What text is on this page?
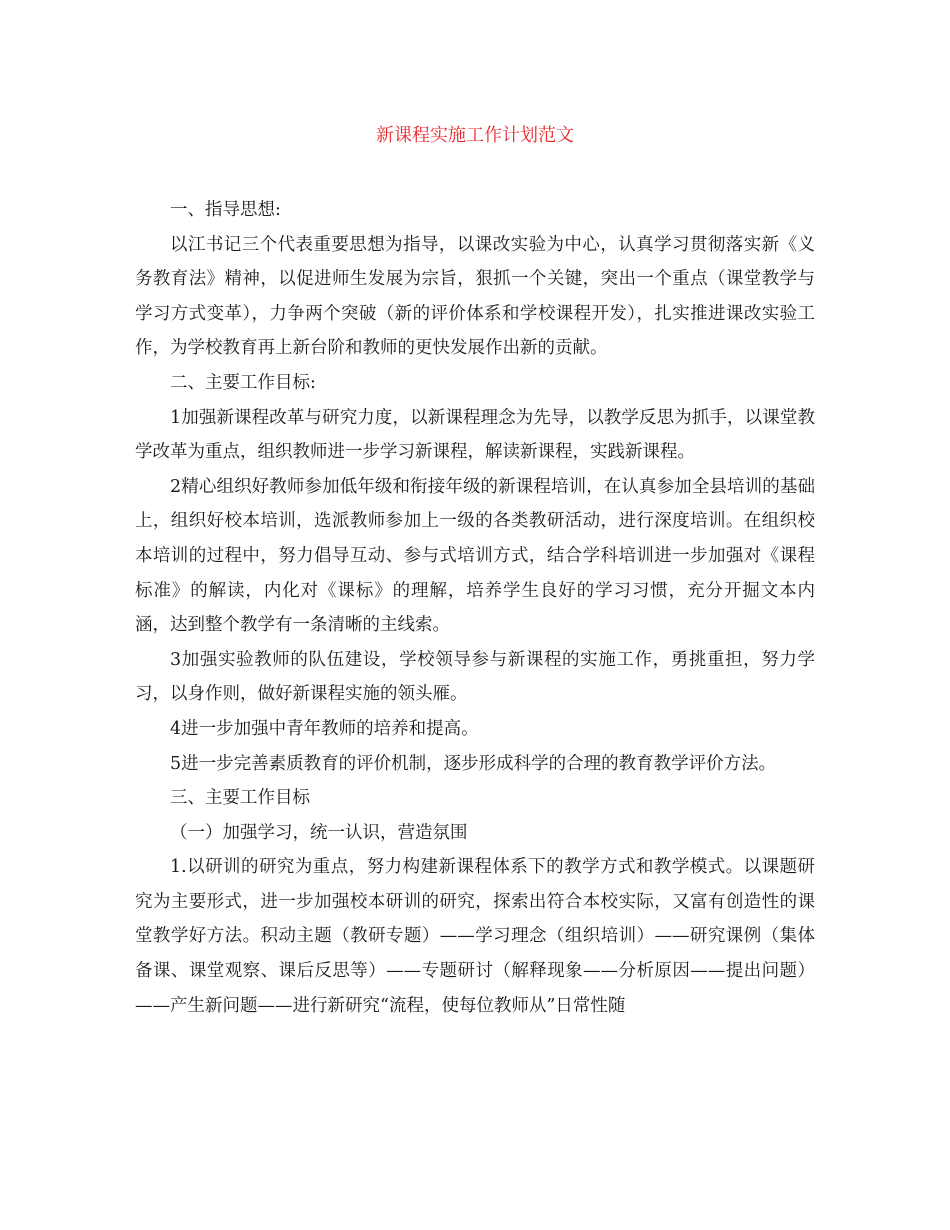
新课程实施工作计划范文

一、指导思想:

以江书记三个代表重要思想为指导，以课改实验为中心，认真学习贯彻落实新《义务教育法》精神，以促进师生发展为宗旨，狠抓一个关键，突出一个重点（课堂教学与学习方式变革），力争两个突破（新的评价体系和学校课程开发），扎实推进课改实验工作，为学校教育再上新台阶和教师的更快发展作出新的贡献。

二、主要工作目标:

1加强新课程改革与研究力度，以新课程理念为先导，以教学反思为抓手，以课堂教学改革为重点，组织教师进一步学习新课程，解读新课程，实践新课程。

2精心组织好教师参加低年级和衔接年级的新课程培训，在认真参加全县培训的基础上，组织好校本培训，选派教师参加上一级的各类教研活动，进行深度培训。在组织校本培训的过程中，努力倡导互动、参与式培训方式，结合学科培训进一步加强对《课程标准》的解读，内化对《课标》的理解，培养学生良好的学习习惯，充分开掘文本内涵，达到整个教学有一条清晰的主线索。

3加强实验教师的队伍建设，学校领导参与新课程的实施工作，勇挑重担，努力学习，以身作则，做好新课程实施的领头雁。

4进一步加强中青年教师的培养和提高。

5进一步完善素质教育的评价机制，逐步形成科学的合理的教育教学评价方法。

三、主要工作目标

（一）加强学习，统一认识，营造氛围

1.以研训的研究为重点，努力构建新课程体系下的教学方式和教学模式。以课题研究为主要形式，进一步加强校本研训的研究，探索出符合本校实际，又富有创造性的课堂教学好方法。积动主题（教研专题）——学习理念（组织培训）——研究课例（集体备课、课堂观察、课后反思等）——专题研讨（解释现象——分析原因——提出问题）——产生新问题——进行新研究“流程，使每位教师从”日常性随
